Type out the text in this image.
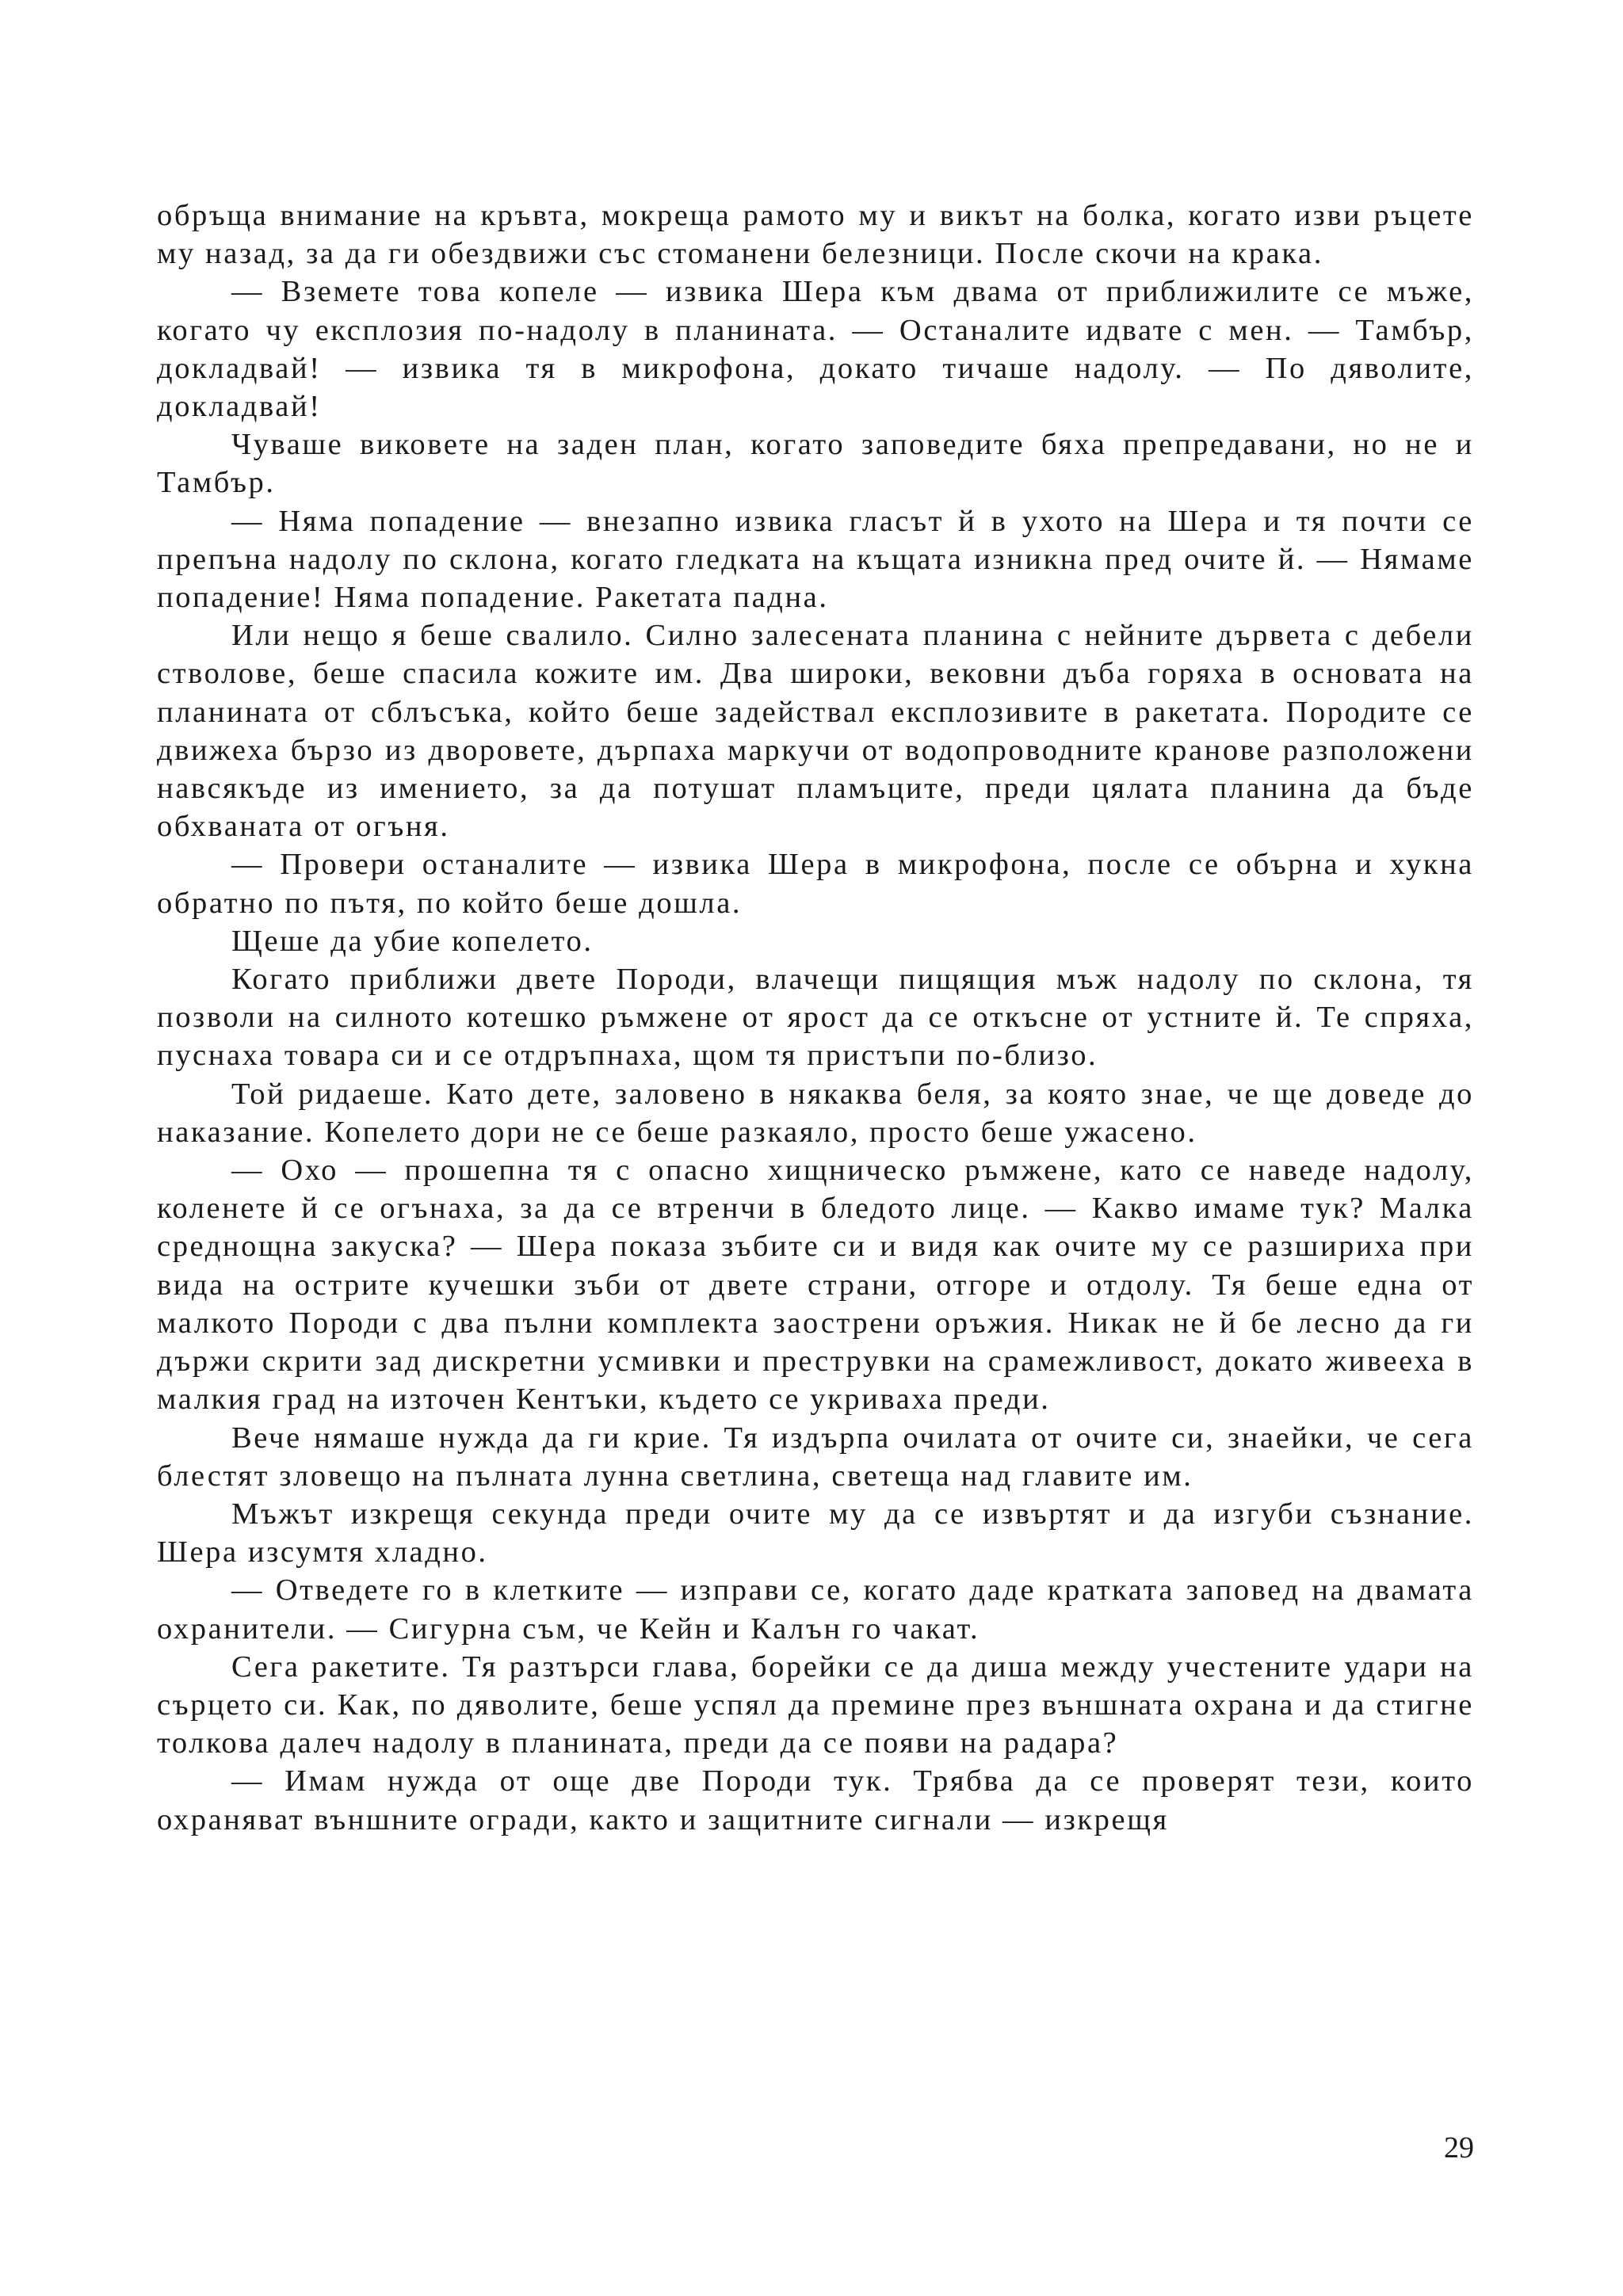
обръща внимание на кръвта, мокреща рамото му и викът на болка, когато изви ръцете му назад, за да ги обездвижи със стоманени белезници. После скочи на крака.

— Вземете това копеле — извика Шера към двама от приближилите се мъже, когато чу експлозия по-надолу в планината. — Останалите идвате с мен. — Тамбър, докладвай! — извика тя в микрофона, докато тичаше надолу. — По дяволите, докладвай!

Чуваше виковете на заден план, когато заповедите бяха препредавани, но не и Тамбър.

— Няма попадение — внезапно извика гласът й в ухото на Шера и тя почти се препъна надолу по склона, когато гледката на къщата изникна пред очите й. — Нямаме попадение! Няма попадение. Ракетата падна.

Или нещо я беше свалило. Силно залесената планина с нейните дървета с дебели стволове, беше спасила кожите им. Два широки, вековни дъба горяха в основата на планината от сблъсъка, който беше задействал експлозивите в ракетата. Породите се движеха бързо из дворовете, дърпаха маркучи от водопроводните кранове разположени навсякъде из имението, за да потушат пламъците, преди цялата планина да бъде обхваната от огъня.

— Провери останалите — извика Шера в микрофона, после се обърна и хукна обратно по пътя, по който беше дошла.

Щеше да убие копелето.

Когато приближи двете Породи, влачещи пищящия мъж надолу по склона, тя позволи на силното котешко ръмжене от ярост да се откъсне от устните й. Те спряха, пуснаха товара си и се отдръпнаха, щом тя пристъпи по-близо.

Той ридаеше. Като дете, заловено в някаква беля, за която знае, че ще доведе до наказание. Копелето дори не се беше разкаяло, просто беше ужасено.

— Охо — прошепна тя с опасно хищническо ръмжене, като се наведе надолу, коленете й се огънаха, за да се втренчи в бледото лице. — Какво имаме тук? Малка среднощна закуска? — Шера показа зъбите си и видя как очите му се разшириха при вида на острите кучешки зъби от двете страни, отгоре и отдолу. Тя беше една от малкото Породи с два пълни комплекта заострени оръжия. Никак не й бе лесно да ги държи скрити зад дискретни усмивки и преструвки на срамежливост, докато живееха в малкия град на източен Кентъки, където се укриваха преди.

Вече нямаше нужда да ги крие. Тя издърпа очилата от очите си, знаейки, че сега блестят зловещо на пълната лунна светлина, светеща над главите им.

Мъжът изкрещя секунда преди очите му да се извъртят и да изгуби съзнание. Шера изсумтя хладно.

— Отведете го в клетките — изправи се, когато даде кратката заповед на двамата охранители. — Сигурна съм, че Кейн и Калън го чакат.

Сега ракетите. Тя разтърси глава, борейки се да диша между учестените удари на сърцето си. Как, по дяволите, беше успял да премине през външната охрана и да стигне толкова далеч надолу в планината, преди да се появи на радара?

— Имам нужда от още две Породи тук. Трябва да се проверят тези, които охраняват външните огради, както и защитните сигнали — изкрещя

29
